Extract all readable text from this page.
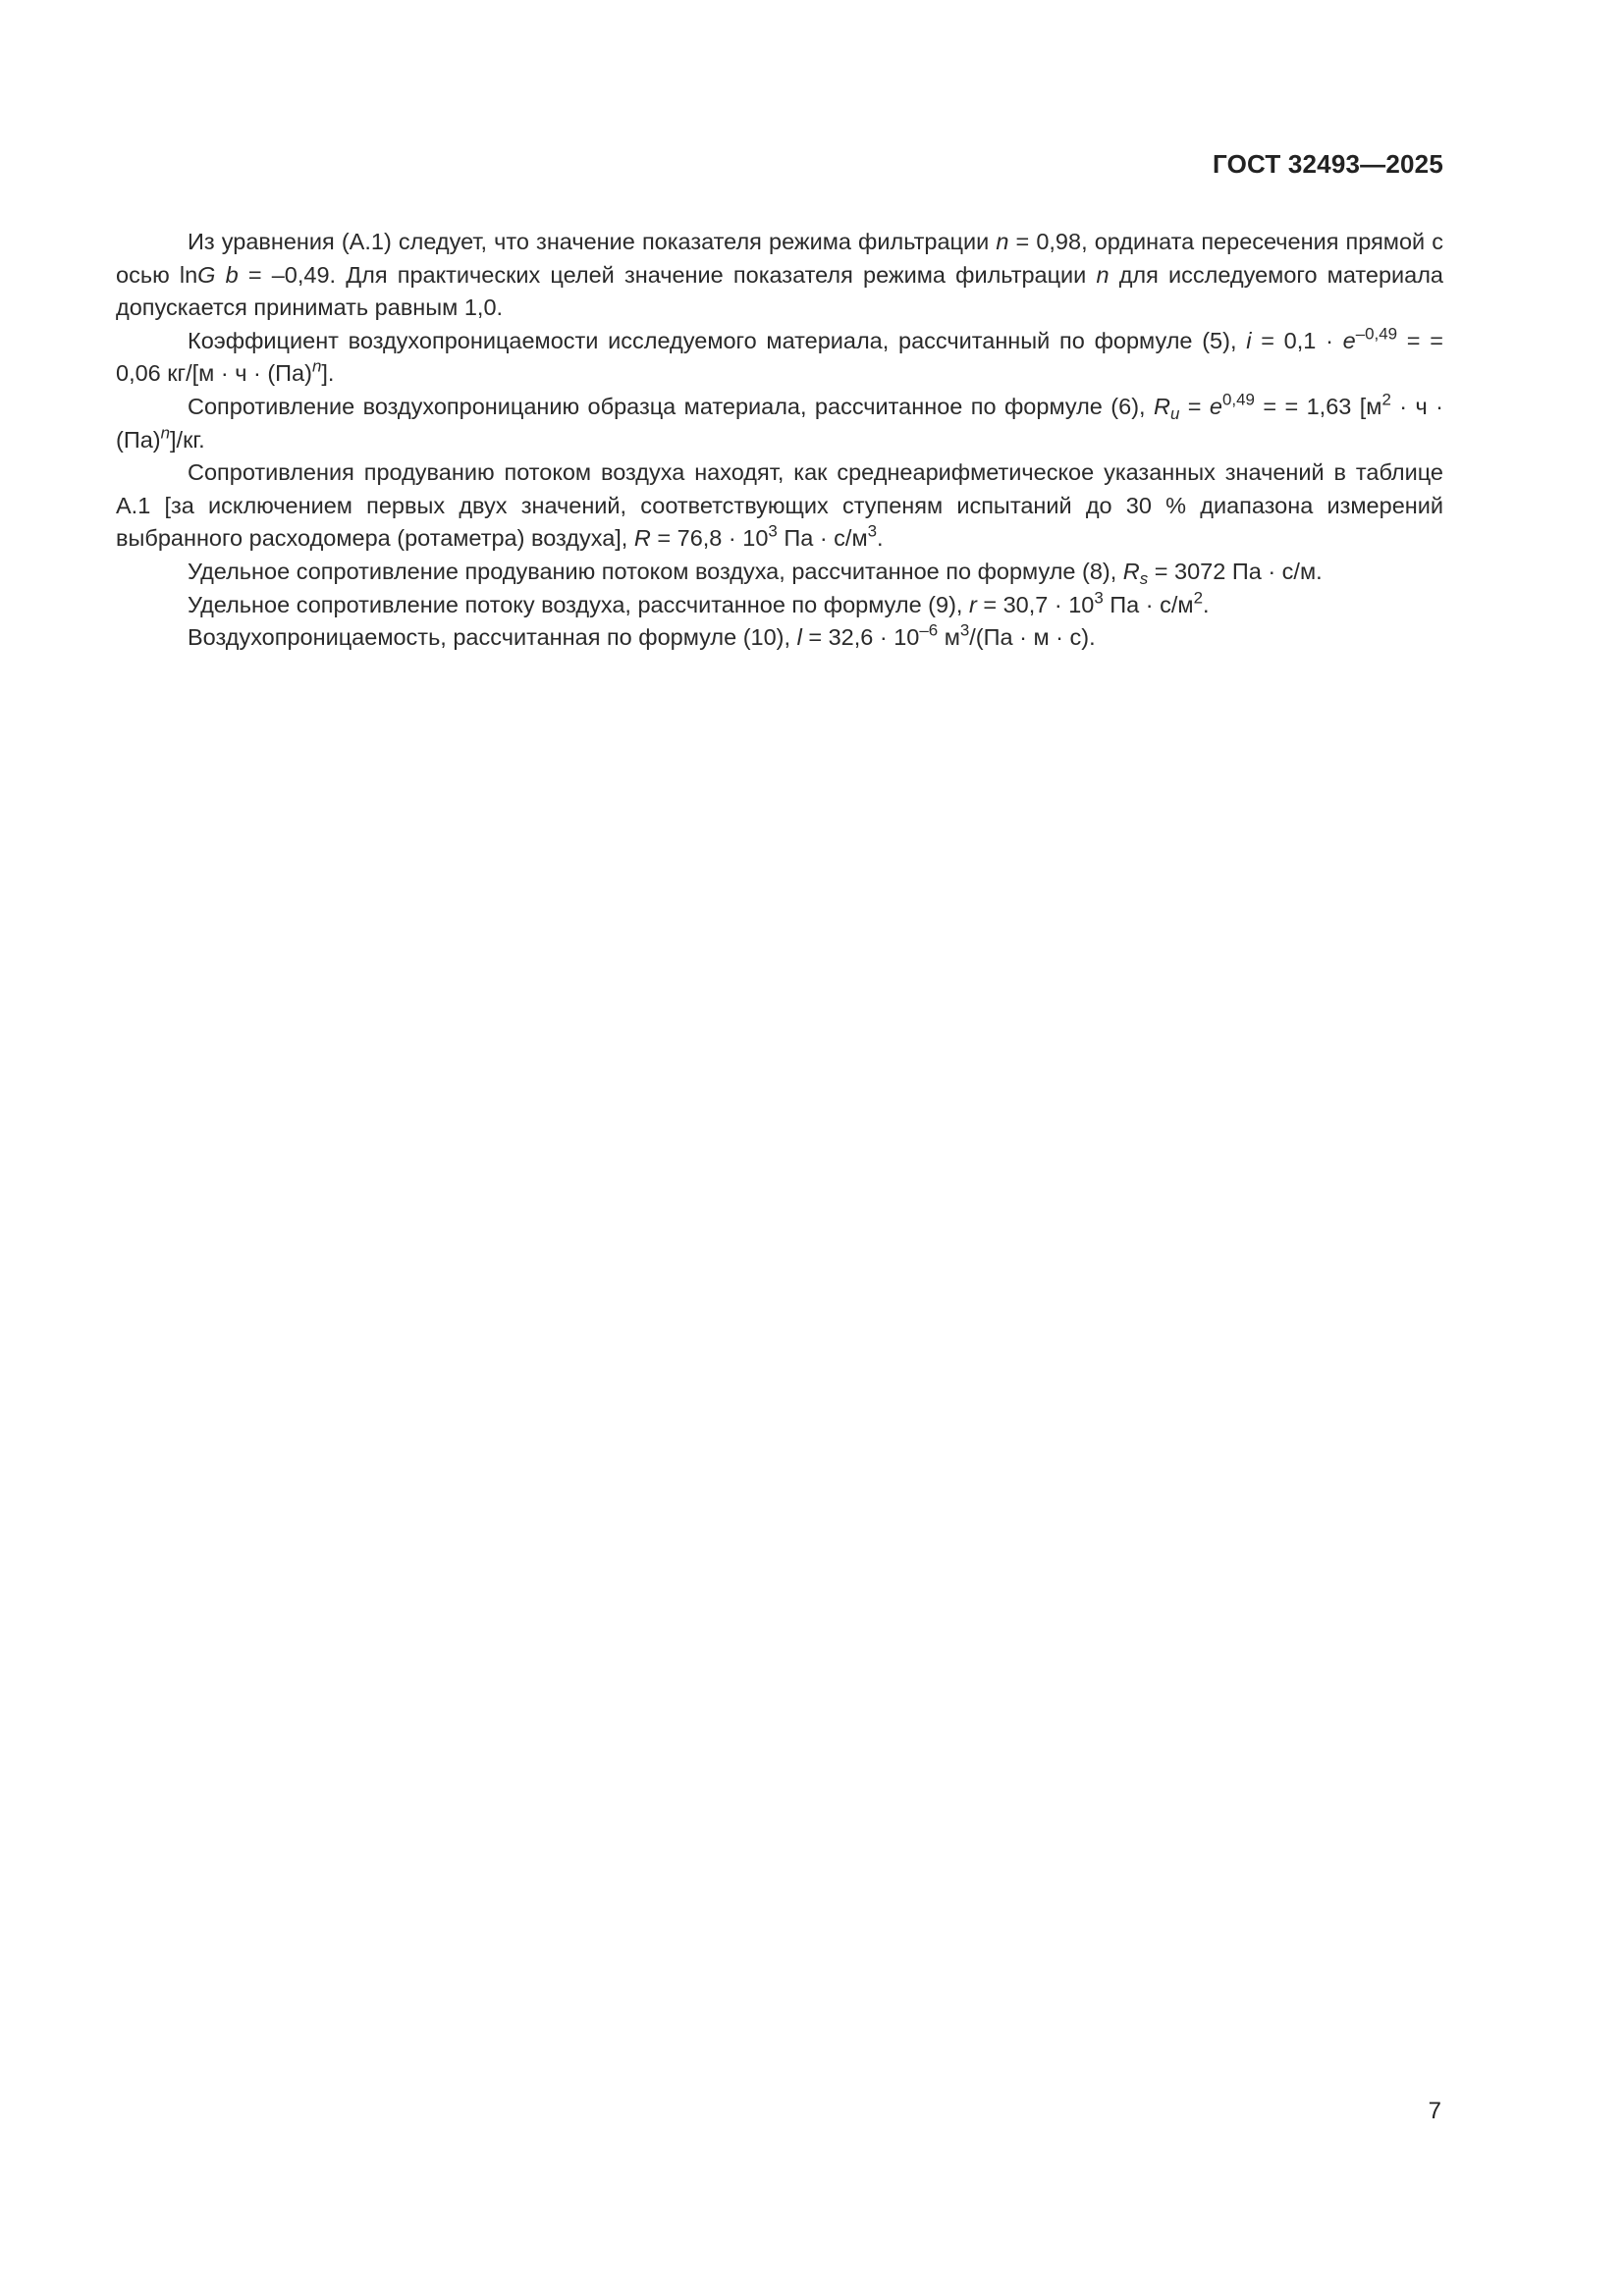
ГОСТ 32493—2025

Из уравнения (А.1) следует, что значение показателя режима фильтрации n = 0,98, ордината пересечения прямой с осью lnG b = –0,49. Для практических целей значение показателя режима фильтрации n для исследуемого материала допускается принимать равным 1,0.

Коэффициент воздухопроницаемости исследуемого материала, рассчитанный по формуле (5), $i = 0,1 \cdot e^{-0,49}$ = = 0,06 кг/[м · ч · (Па)$^n$].

Сопротивление воздухопроницанию образца материала, рассчитанное по формуле (6), $R_u = e^{0,49}$ = = 1,63 $[м^2 \cdot ч \cdot (Па)^n]/кг$.

Сопротивления продуванию потоком воздуха находят, как среднеарифметическое указанных значений в таблице А.1 [за исключением первых двух значений, соответствующих ступеням испытаний до 30 % диапазона измерений выбранного расходомера (ротаметра) воздуха], $R = 76,8 \cdot 10^3$ Па · $с/м^3$.

Удельное сопротивление продуванию потоком воздуха, рассчитанное по формуле (8), $R_s = 3072$ Па · с/м.

Удельное сопротивление потоку воздуха, рассчитанное по формуле (9), $r = 30,7 \cdot 10^3$ Па · $с/м^2$.

Воздухопроницаемость, рассчитанная по формуле (10), $l = 32,6 \cdot 10^{-6}$ $м^3/(Па \cdot м \cdot с)$.

7
